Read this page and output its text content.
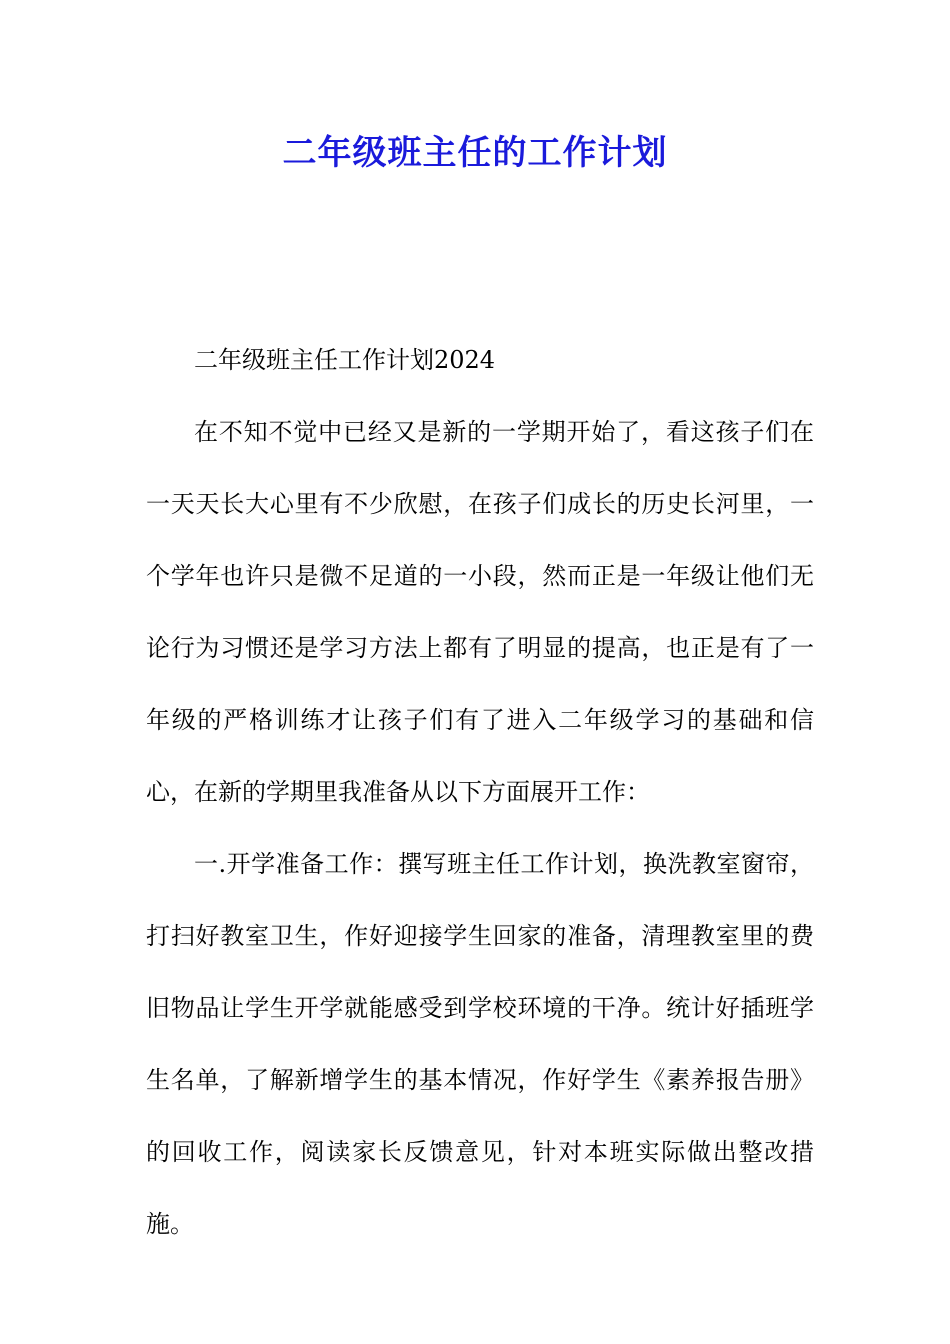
二年级班主任的工作计划

二年级班主任工作计划2024

在不知不觉中已经又是新的一学期开始了，看这孩子们在一天天长大心里有不少欣慰，在孩子们成长的历史长河里，一个学年也许只是微不足道的一小段，然而正是一年级让他们无论行为习惯还是学习方法上都有了明显的提高，也正是有了一年级的严格训练才让孩子们有了进入二年级学习的基础和信心，在新的学期里我准备从以下方面展开工作：

一.开学准备工作：撰写班主任工作计划，换洗教室窗帘，打扫好教室卫生，作好迎接学生回家的准备，清理教室里的费旧物品让学生开学就能感受到学校环境的干净。统计好插班学生名单，了解新增学生的基本情况，作好学生《素养报告册》的回收工作，阅读家长反馈意见，针对本班实际做出整改措施。
